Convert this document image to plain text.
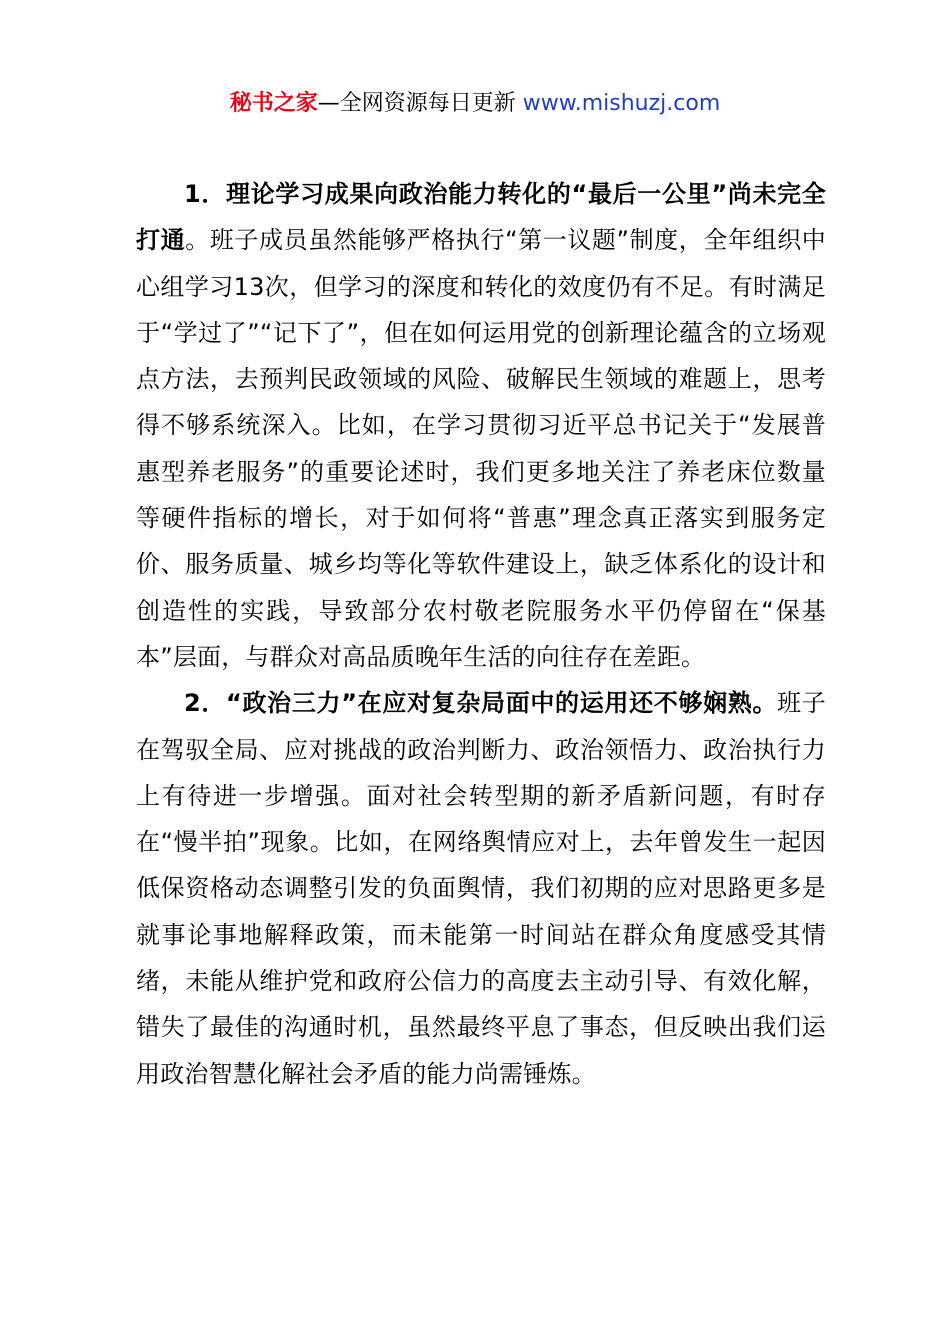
秘书之家—全网资源每日更新 www.mishuzj.com

1．理论学习成果向政治能力转化的“最后一公里”尚未完全打通。班子成员虽然能够严格执行“第一议题”制度，全年组织中心组学习13次，但学习的深度和转化的效度仍有不足。有时满足于“学过了”“记下了”，但在如何运用党的创新理论蕴含的立场观点方法，去预判民政领域的风险、破解民生领域的难题上，思考得不够系统深入。比如，在学习贯彻习近平总书记关于“发展普惠型养老服务”的重要论述时，我们更多地关注了养老床位数量等硬件指标的增长，对于如何将“普惠”理念真正落实到服务定价、服务质量、城乡均等化等软件建设上，缺乏体系化的设计和创造性的实践，导致部分农村敬老院服务水平仍停留在“保基本”层面，与群众对高品质晚年生活的向往存在差距。

2．“政治三力”在应对复杂局面中的运用还不够娴熟。班子在驾驭全局、应对挑战的政治判断力、政治领悟力、政治执行力上有待进一步增强。面对社会转型期的新矛盾新问题，有时存在“慢半拍”现象。比如，在网络舆情应对上，去年曾发生一起因低保资格动态调整引发的负面舆情，我们初期的应对思路更多是就事论事地解释政策，而未能第一时间站在群众角度感受其情绪，未能从维护党和政府公信力的高度去主动引导、有效化解，错失了最佳的沟通时机，虽然最终平息了事态，但反映出我们运用政治智慧化解社会矛盾的能力尚需锤炼。
